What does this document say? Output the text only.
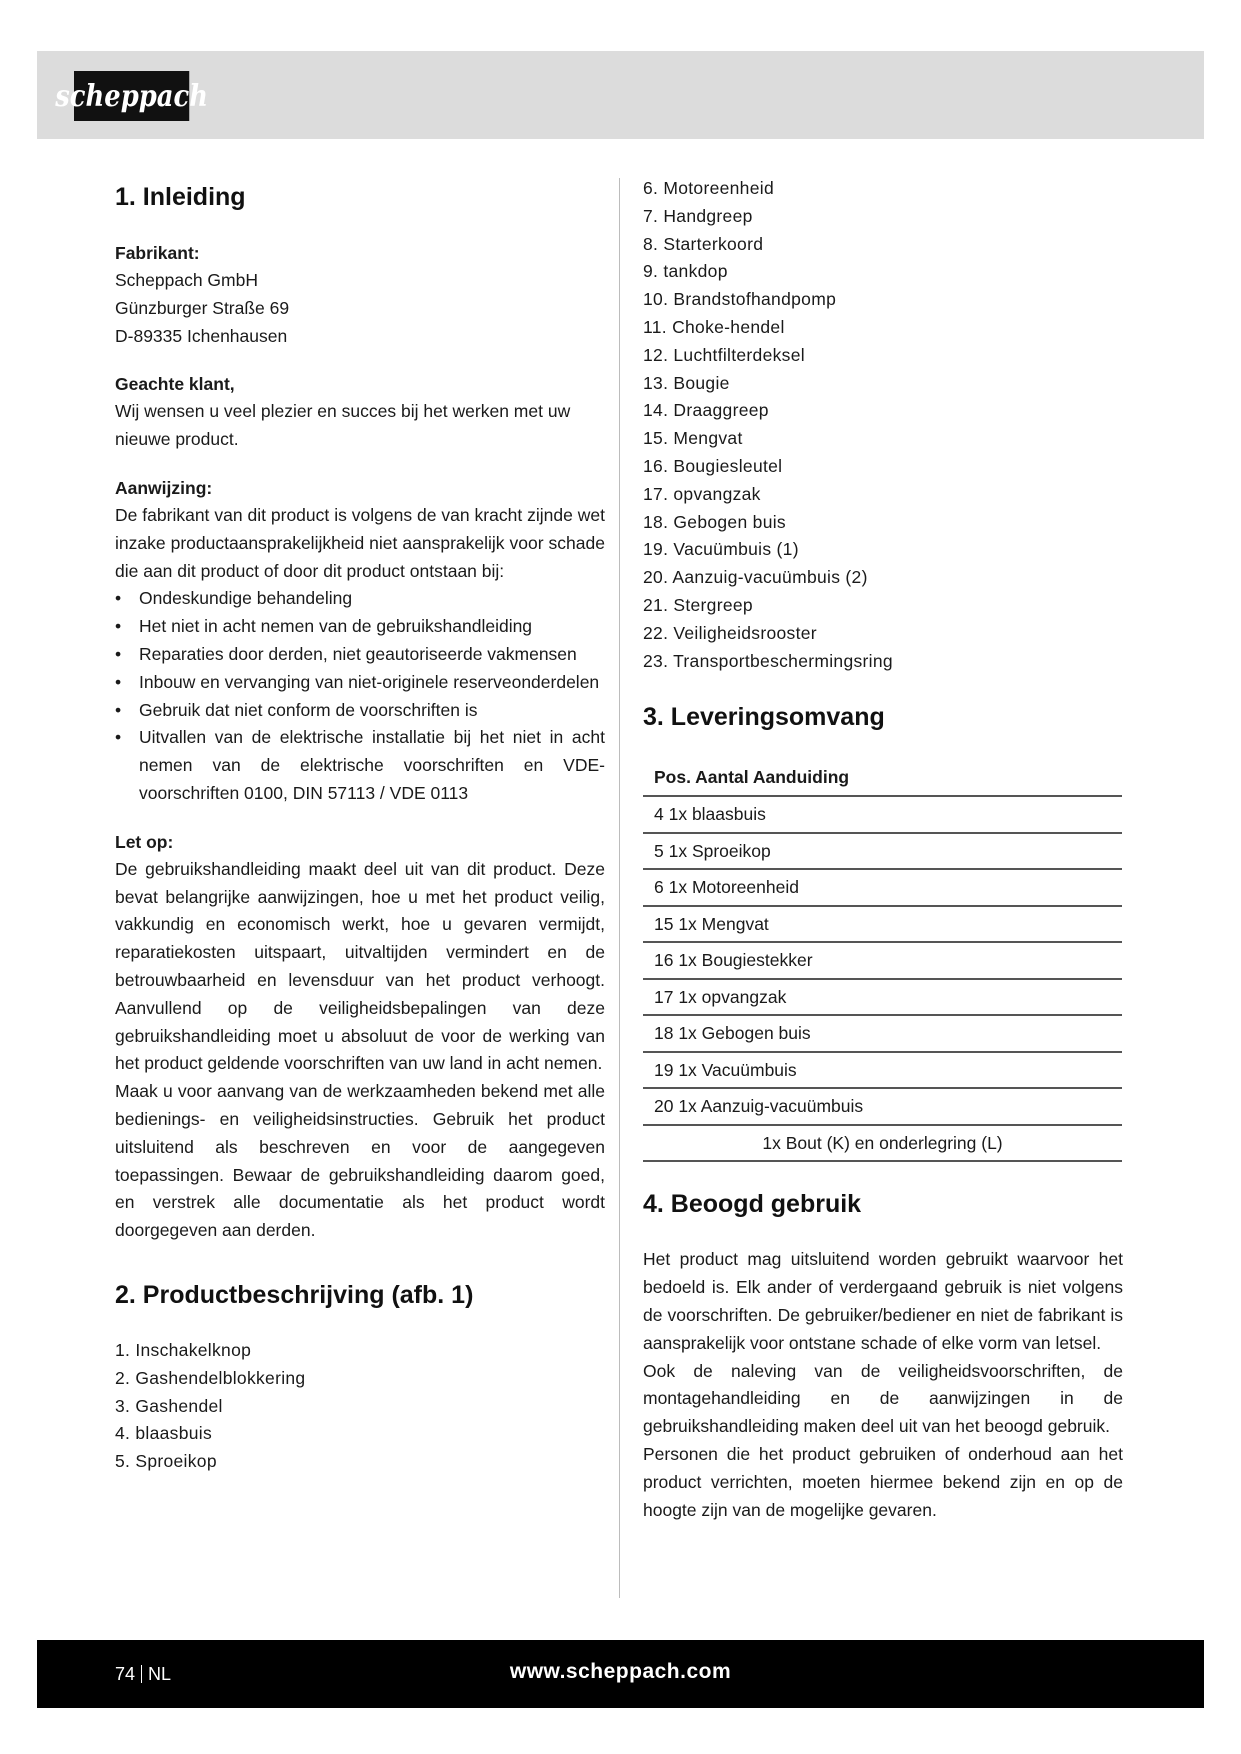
scheppach
1. Inleiding
Fabrikant:

Scheppach GmbH

Günzburger Straße 69

D-89335 Ichenhausen

Geachte klant,

Wij wensen u veel plezier en succes bij het werken met uw nieuwe product.

Aanwijzing:

De fabrikant van dit product is volgens de van kracht zijnde wet inzake productaansprakelijkheid niet aansprakelijk voor schade die aan dit product of door dit product ontstaan bij:

• Ondeskundige behandeling
• Het niet in acht nemen van de gebruikshandleiding
• Reparaties door derden, niet geautoriseerde vakmensen
• Inbouw en vervanging van niet-originele reserveonderdelen
• Gebruik dat niet conform de voorschriften is
• Uitvallen van de elektrische installatie bij het niet in acht nemen van de elektrische voorschriften en VDE-voorschriften 0100, DIN 57113 / VDE 0113
Let op:

De gebruikshandleiding maakt deel uit van dit product. Deze bevat belangrijke aanwijzingen, hoe u met het product veilig, vakkundig en economisch werkt, hoe u gevaren vermijdt, reparatiekosten uitspaart, uitvaltijden vermindert en de betrouwbaarheid en levensduur van het product verhoogt. Aanvullend op de veiligheidsbepalingen van deze gebruikshandleiding moet u absoluut de voor de werking van het product geldende voorschriften van uw land in acht nemen.

Maak u voor aanvang van de werkzaamheden bekend met alle bedienings- en veiligheidsinstructies. Gebruik het product uitsluitend als beschreven en voor de aangegeven toepassingen. Bewaar de gebruikshandleiding daarom goed, en verstrek alle documentatie als het product wordt doorgegeven aan derden.

2. Productbeschrijving (afb. 1)
1. Inschakelknop
2. Gashendelblokkering
3. Gashendel
4. blaasbuis
5. Sproeikop
6. Motoreenheid
7. Handgreep
8. Starterkoord
9. tankdop
10. Brandstofhandpomp
11. Choke-hendel
12. Luchtfilterdeksel
13. Bougie
14. Draaggreep
15. Mengvat
16. Bougiesleutel
17. opvangzak
18. Gebogen buis
19. Vacuümbuis (1)
20. Aanzuig-vacuümbuis (2)
21. Stergreep
22. Veiligheidsrooster
23. Transportbeschermingsring
3. Leveringsomvang
Pos. Aantal Aanduiding
4 1x blaasbuis
5 1x Sproeikop
6 1x Motoreenheid
15 1x Mengvat
16 1x Bougiestekker
17 1x opvangzak
18 1x Gebogen buis
19 1x Vacuümbuis
20 1x Aanzuig-vacuümbuis
1x Bout (K) en onderlegring (L)
4. Beoogd gebruik

Het product mag uitsluitend worden gebruikt waarvoor het bedoeld is. Elk ander of verdergaand gebruik is niet volgens de voorschriften. De gebruiker/bediener en niet de fabrikant is aansprakelijk voor ontstane schade of elke vorm van letsel.

Ook de naleving van de veiligheidsvoorschriften, de montagehandleiding en de aanwijzingen in de gebruikshandleiding maken deel uit van het beoogd gebruik.

Personen die het product gebruiken of onderhoud aan het product verrichten, moeten hiermee bekend zijn en op de hoogte zijn van de mogelijke gevaren.

74 NL	www.scheppach.com
